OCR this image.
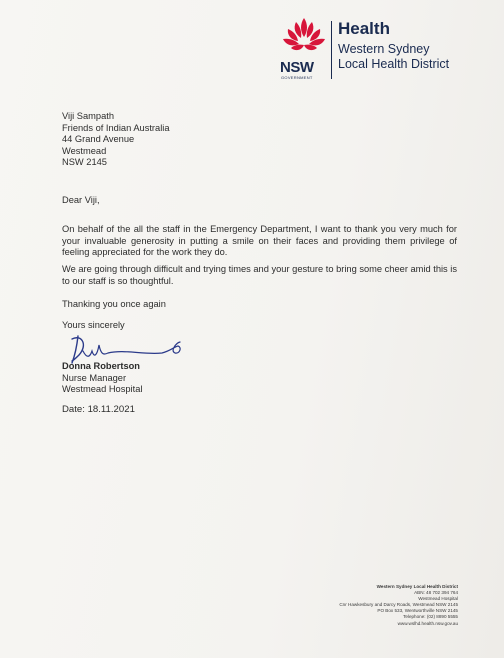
NSW
GOVERNMENT
Health
Western Sydney
Local Health District
Viji Sampath
Friends of Indian Australia
44 Grand Avenue
Westmead
NSW 2145
Dear Viji,
On behalf of the all the staff in the Emergency Department, I want to thank you very much for your invaluable generosity in putting a smile on their faces and providing them privilege of feeling appreciated for the work they do.
We are going through difficult and trying times and your gesture to bring some cheer amid this is to our staff is so thoughtful.
Thanking you once again
Yours sincerely
Donna Robertson
Nurse Manager
Westmead Hospital
Date: 18.11.2021
Western Sydney Local Health District
ABN: 48 702 394 764
Westmead Hospital
Cnr Hawkesbury and Darcy Roads, Westmead NSW 2145
PO Box 533, Wentworthville NSW 2145
Telephone: (02) 8890 5555
www.wslhd.health.nsw.gov.au
